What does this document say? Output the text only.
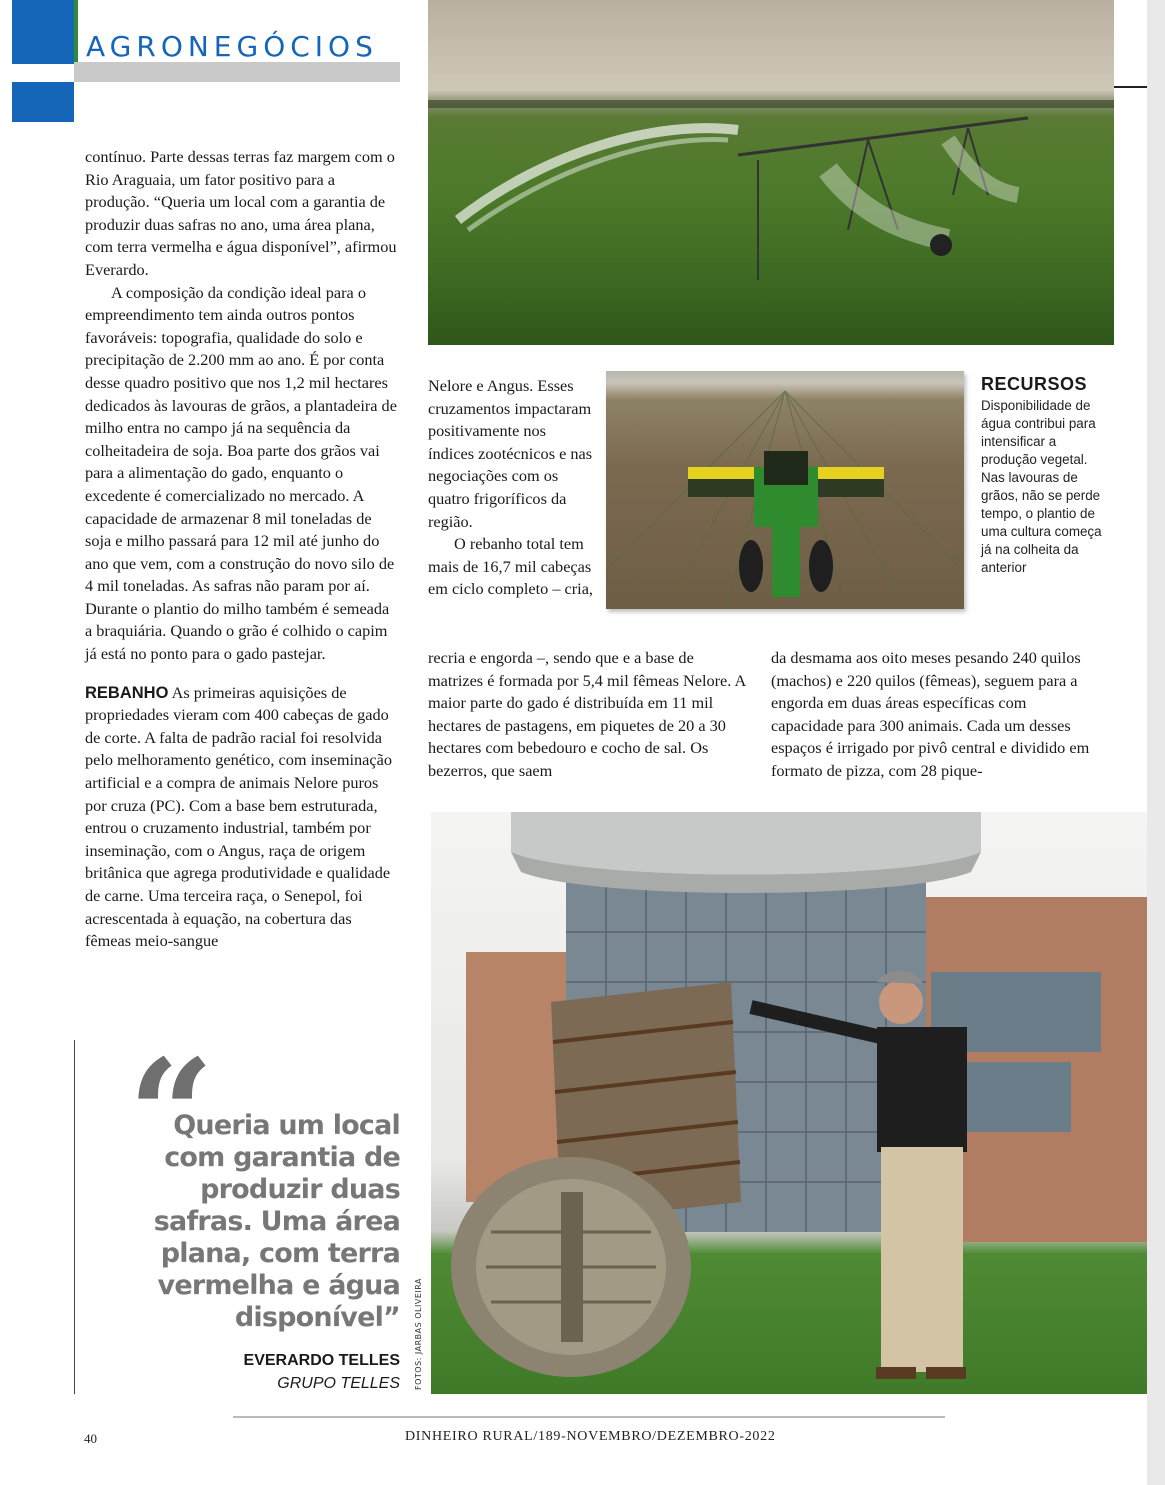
AGRONEGÓCIOS
RECURSOS
Disponibilidade de água contribui para intensificar a produção vegetal. Nas lavouras de grãos, não se perde tempo, o plantio de uma cultura começa já na colheita da anterior

contínuo. Parte dessas terras faz margem com o Rio Araguaia, um fator positivo para a produção. “Queria um local com a garantia de produzir duas safras no ano, uma área plana, com terra vermelha e água disponível”, afirmou Everardo.

A composição da condição ideal para o empreendimento tem ainda outros pontos favoráveis: topografia, qualidade do solo e precipitação de 2.200 mm ao ano. É por conta desse quadro positivo que nos 1,2 mil hectares dedicados às lavouras de grãos, a plantadeira de milho entra no campo já na sequência da colheitadeira de soja. Boa parte dos grãos vai para a alimentação do gado, enquanto o excedente é comercializado no mercado. A capacidade de armazenar 8 mil toneladas de soja e milho passará para 12 mil até junho do ano que vem, com a construção do novo silo de 4 mil toneladas. As safras não param por aí. Durante o plantio do milho também é semeada a braquiária. Quando o grão é colhido o capim já está no ponto para o gado pastejar.

REBANHO As primeiras aquisições de propriedades vieram com 400 cabeças de gado de corte. A falta de padrão racial foi resolvida pelo melhoramento genético, com inseminação artificial e a compra de animais Nelore puros por cruza (PC). Com a base bem estruturada, entrou o cruzamento industrial, também por inseminação, com o Angus, raça de origem britânica que agrega produtividade e qualidade de carne. Uma terceira raça, o Senepol, foi acrescentada à equação, na cobertura das fêmeas meio-sangue

Nelore e Angus. Esses cruzamentos impactaram positivamente nos índices zootécnicos e nas negociações com os quatro frigoríficos da região.

O rebanho total tem mais de 16,7 mil cabeças em ciclo completo – cria,

recria e engorda –, sendo que e a base de matrizes é formada por 5,4 mil fêmeas Nelore. A maior parte do gado é distribuída em 11 mil hectares de pastagens, em piquetes de 20 a 30 hectares com bebedouro e cocho de sal. Os bezerros, que saem

da desmama aos oito meses pesando 240 quilos (machos) e 220 quilos (fêmeas), seguem para a engorda em duas áreas específicas com capacidade para 300 animais. Cada um desses espaços é irrigado por pivô central e dividido em formato de pizza, com 28 pique-

FOTOS: JARBAS OLIVEIRA
“
Queria um local com garantia de produzir duas safras. Uma área plana, com terra vermelha e água disponível”
EVERARDO TELLES
GRUPO TELLES
40	DINHEIRO RURAL/189-NOVEMBRO/DEZEMBRO-2022
